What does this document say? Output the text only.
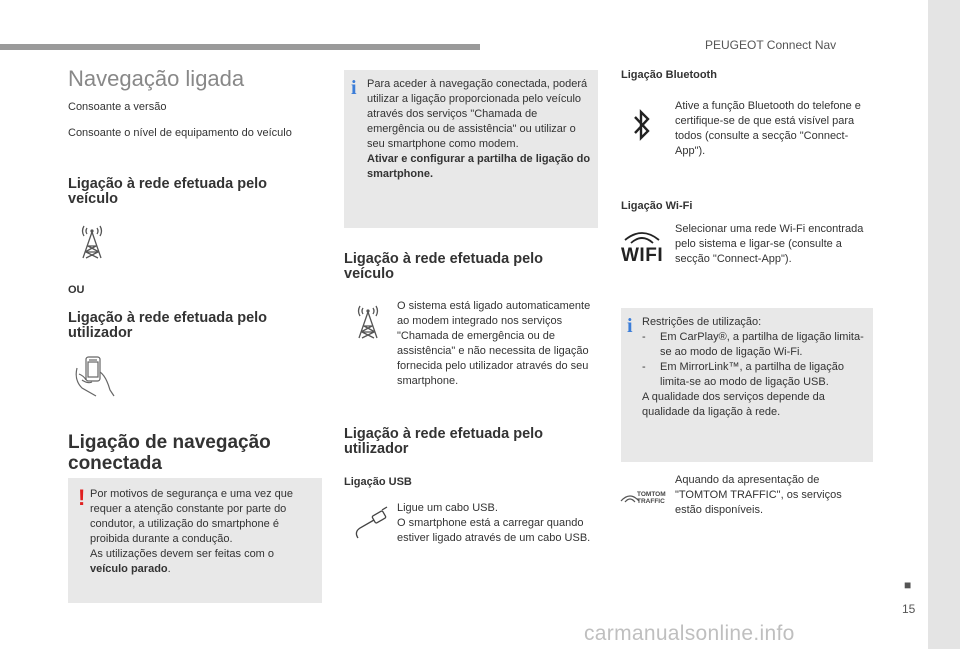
PEUGEOT Connect Nav
■
15
carmanualsonline.info
Navegação ligada
Consoante a versão
Consoante o nível de equipamento do veículo
Ligação à rede efetuada pelo veículo
OU
Ligação à rede efetuada pelo utilizador
Ligação de navegação conectada
! Por motivos de segurança e uma vez que requer a atenção constante por parte do condutor, a utilização do smartphone é proibida durante a condução.
As utilizações devem ser feitas com o veículo parado.
i Para aceder à navegação conectada, poderá utilizar a ligação proporcionada pelo veículo através dos serviços "Chamada de emergência ou de assistência" ou utilizar o seu smartphone como modem.
Ativar e configurar a partilha de ligação do smartphone.
Ligação à rede efetuada pelo veículo
O sistema está ligado automaticamente ao modem integrado nos serviços "Chamada de emergência ou de assistência" e não necessita de ligação fornecida pelo utilizador através do seu smartphone.
Ligação à rede efetuada pelo utilizador
Ligação USB
Ligue um cabo USB.
O smartphone está a carregar quando estiver ligado através de um cabo USB.
Ligação Bluetooth
Ative a função Bluetooth do telefone e certifique-se de que está visível para todos (consulte a secção "Connect-App").
Ligação Wi-Fi
WIFI
Selecionar uma rede Wi-Fi encontrada pelo sistema e ligar-se (consulte a secção "Connect-App").
i Restrições de utilização:
- Em CarPlay®, a partilha de ligação limita-se ao modo de ligação Wi-Fi.
- Em MirrorLink™, a partilha de ligação limita-se ao modo de ligação USB.
A qualidade dos serviços depende da qualidade da ligação à rede.
TOMTOM
TRAFFIC
Aquando da apresentação de "TOMTOM TRAFFIC", os serviços estão disponíveis.
